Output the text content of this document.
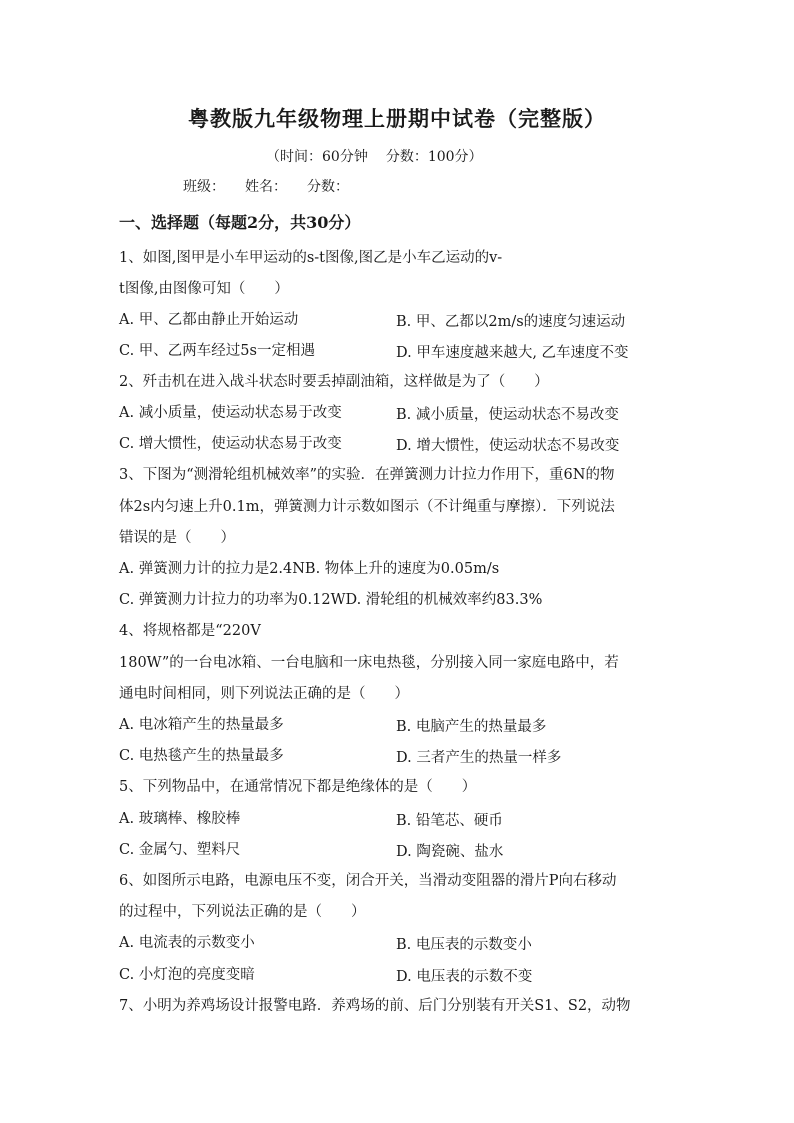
粤教版九年级物理上册期中试卷（完整版）
（时间：60分钟 分数：100分）
班级： 姓名： 分数：
一、选择题（每题2分，共30分）
1、如图,图甲是小车甲运动的s-t图像,图乙是小车乙运动的v-
t图像,由图像可知（　　）
A. 甲、乙都由静止开始运动	B. 甲、乙都以2m/s的速度匀速运动
C. 甲、乙两车经过5s一定相遇	D. 甲车速度越来越大, 乙车速度不变
2、歼击机在进入战斗状态时要丢掉副油箱，这样做是为了（　　）
A. 减小质量，使运动状态易于改变	B. 减小质量，使运动状态不易改变
C. 增大惯性，使运动状态易于改变	D. 增大惯性，使运动状态不易改变
3、下图为“测滑轮组机械效率”的实验．在弹簧测力计拉力作用下，重6N的物
体2s内匀速上升0.1m，弹簧测力计示数如图示（不计绳重与摩擦）．下列说法
错误的是（　　）
A. 弹簧测力计的拉力是2.4NB. 物体上升的速度为0.05m/s
C. 弹簧测力计拉力的功率为0.12WD. 滑轮组的机械效率约83.3%
4、将规格都是“220V
180W”的一台电冰箱、一台电脑和一床电热毯，分别接入同一家庭电路中，若
通电时间相同，则下列说法正确的是（　　）
A. 电冰箱产生的热量最多	B. 电脑产生的热量最多
C. 电热毯产生的热量最多	D. 三者产生的热量一样多
5、下列物品中，在通常情况下都是绝缘体的是（　　）
A. 玻璃棒、橡胶棒	B. 铅笔芯、硬币
C. 金属勺、塑料尺	D. 陶瓷碗、盐水
6、如图所示电路，电源电压不变，闭合开关，当滑动变阻器的滑片P向右移动
的过程中，下列说法正确的是（　　）
A. 电流表的示数变小	B. 电压表的示数变小
C. 小灯泡的亮度变暗	D. 电压表的示数不变
7、小明为养鸡场设计报警电路．养鸡场的前、后门分别装有开关S1、S2，动物
